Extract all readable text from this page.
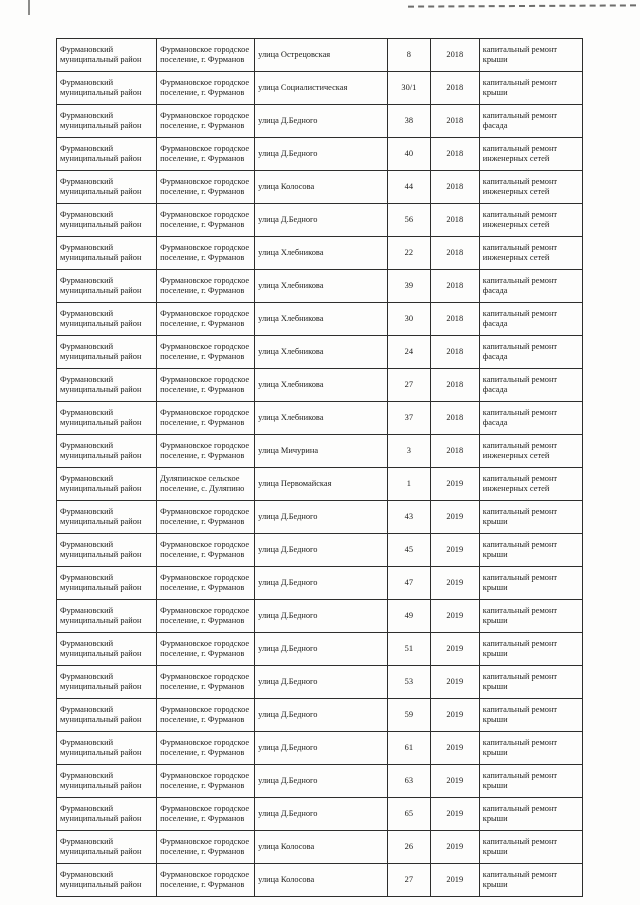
Фурмановский муниципальный район	Фурмановское городское поселение, г. Фурманов	улица Острецовская	8	2018	капитальный ремонт крыши
Фурмановский муниципальный район	Фурмановское городское поселение, г. Фурманов	улица Социалистическая	30/1	2018	капитальный ремонт крыши
Фурмановский муниципальный район	Фурмановское городское поселение, г. Фурманов	улица Д.Бедного	38	2018	капитальный ремонт фасада
Фурмановский муниципальный район	Фурмановское городское поселение, г. Фурманов	улица Д.Бедного	40	2018	капитальный ремонт инженерных сетей
Фурмановский муниципальный район	Фурмановское городское поселение, г. Фурманов	улица Колосова	44	2018	капитальный ремонт инженерных сетей
Фурмановский муниципальный район	Фурмановское городское поселение, г. Фурманов	улица Д.Бедного	56	2018	капитальный ремонт инженерных сетей
Фурмановский муниципальный район	Фурмановское городское поселение, г. Фурманов	улица Хлебникова	22	2018	капитальный ремонт инженерных сетей
Фурмановский муниципальный район	Фурмановское городское поселение, г. Фурманов	улица Хлебникова	39	2018	капитальный ремонт фасада
Фурмановский муниципальный район	Фурмановское городское поселение, г. Фурманов	улица Хлебникова	30	2018	капитальный ремонт фасада
Фурмановский муниципальный район	Фурмановское городское поселение, г. Фурманов	улица Хлебникова	24	2018	капитальный ремонт фасада
Фурмановский муниципальный район	Фурмановское городское поселение, г. Фурманов	улица Хлебникова	27	2018	капитальный ремонт фасада
Фурмановский муниципальный район	Фурмановское городское поселение, г. Фурманов	улица Хлебникова	37	2018	капитальный ремонт фасада
Фурмановский муниципальный район	Фурмановское городское поселение, г. Фурманов	улица Мичурина	3	2018	капитальный ремонт инженерных сетей
Фурмановский муниципальный район	Дуляпинское сельское поселение, с. Дуляпино	улица Первомайская	1	2019	капитальный ремонт инженерных сетей
Фурмановский муниципальный район	Фурмановское городское поселение, г. Фурманов	улица Д.Бедного	43	2019	капитальный ремонт крыши
Фурмановский муниципальный район	Фурмановское городское поселение, г. Фурманов	улица Д.Бедного	45	2019	капитальный ремонт крыши
Фурмановский муниципальный район	Фурмановское городское поселение, г. Фурманов	улица Д.Бедного	47	2019	капитальный ремонт крыши
Фурмановский муниципальный район	Фурмановское городское поселение, г. Фурманов	улица Д.Бедного	49	2019	капитальный ремонт крыши
Фурмановский муниципальный район	Фурмановское городское поселение, г. Фурманов	улица Д.Бедного	51	2019	капитальный ремонт крыши
Фурмановский муниципальный район	Фурмановское городское поселение, г. Фурманов	улица Д.Бедного	53	2019	капитальный ремонт крыши
Фурмановский муниципальный район	Фурмановское городское поселение, г. Фурманов	улица Д.Бедного	59	2019	капитальный ремонт крыши
Фурмановский муниципальный район	Фурмановское городское поселение, г. Фурманов	улица Д.Бедного	61	2019	капитальный ремонт крыши
Фурмановский муниципальный район	Фурмановское городское поселение, г. Фурманов	улица Д.Бедного	63	2019	капитальный ремонт крыши
Фурмановский муниципальный район	Фурмановское городское поселение, г. Фурманов	улица Д.Бедного	65	2019	капитальный ремонт крыши
Фурмановский муниципальный район	Фурмановское городское поселение, г. Фурманов	улица Колосова	26	2019	капитальный ремонт крыши
Фурмановский муниципальный район	Фурмановское городское поселение, г. Фурманов	улица Колосова	27	2019	капитальный ремонт крыши
